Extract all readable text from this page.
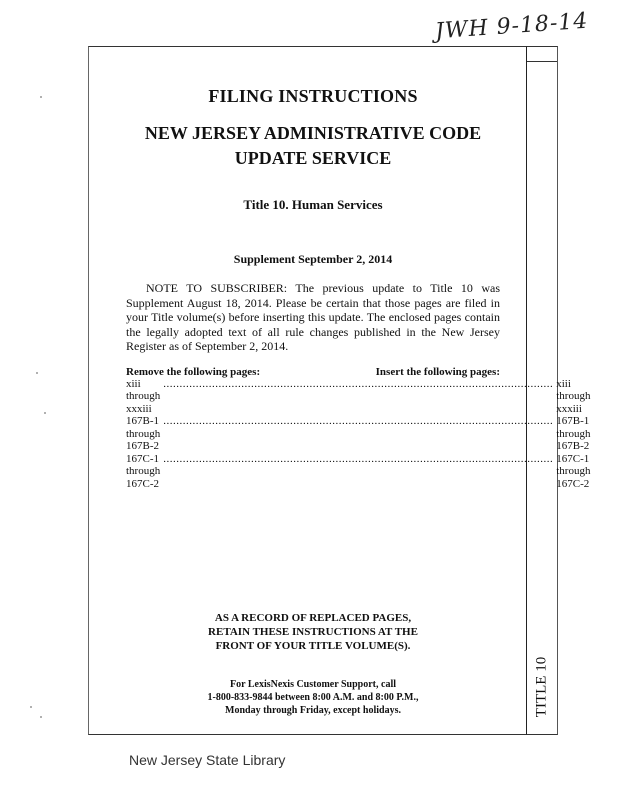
JWH 9-18-14
TITLE 10
FILING INSTRUCTIONS
NEW JERSEY ADMINISTRATIVE CODE
UPDATE SERVICE
Title 10. Human Services
Supplement September 2, 2014
NOTE TO SUBSCRIBER: The previous update to Title 10 was Supplement August 18, 2014. Please be certain that those pages are filed in your Title volume(s) before inserting this update. The enclosed pages contain the legally adopted text of all rule changes published in the New Jersey Register as of September 2, 2014.
Remove the following pages:	Insert the following pages:
xiii through xxxiii
........................................................................................................................ xiii through xxxiii
167B-1 through 167B-2
........................................................................................................................ 167B-1 through 167B-2
167C-1 through 167C-2
........................................................................................................................ 167C-1 through 167C-2
AS A RECORD OF REPLACED PAGES,
RETAIN THESE INSTRUCTIONS AT THE
FRONT OF YOUR TITLE VOLUME(S).
For LexisNexis Customer Support, call
1-800-833-9844 between 8:00 A.M. and 8:00 P.M.,
Monday through Friday, except holidays.
New Jersey State Library
